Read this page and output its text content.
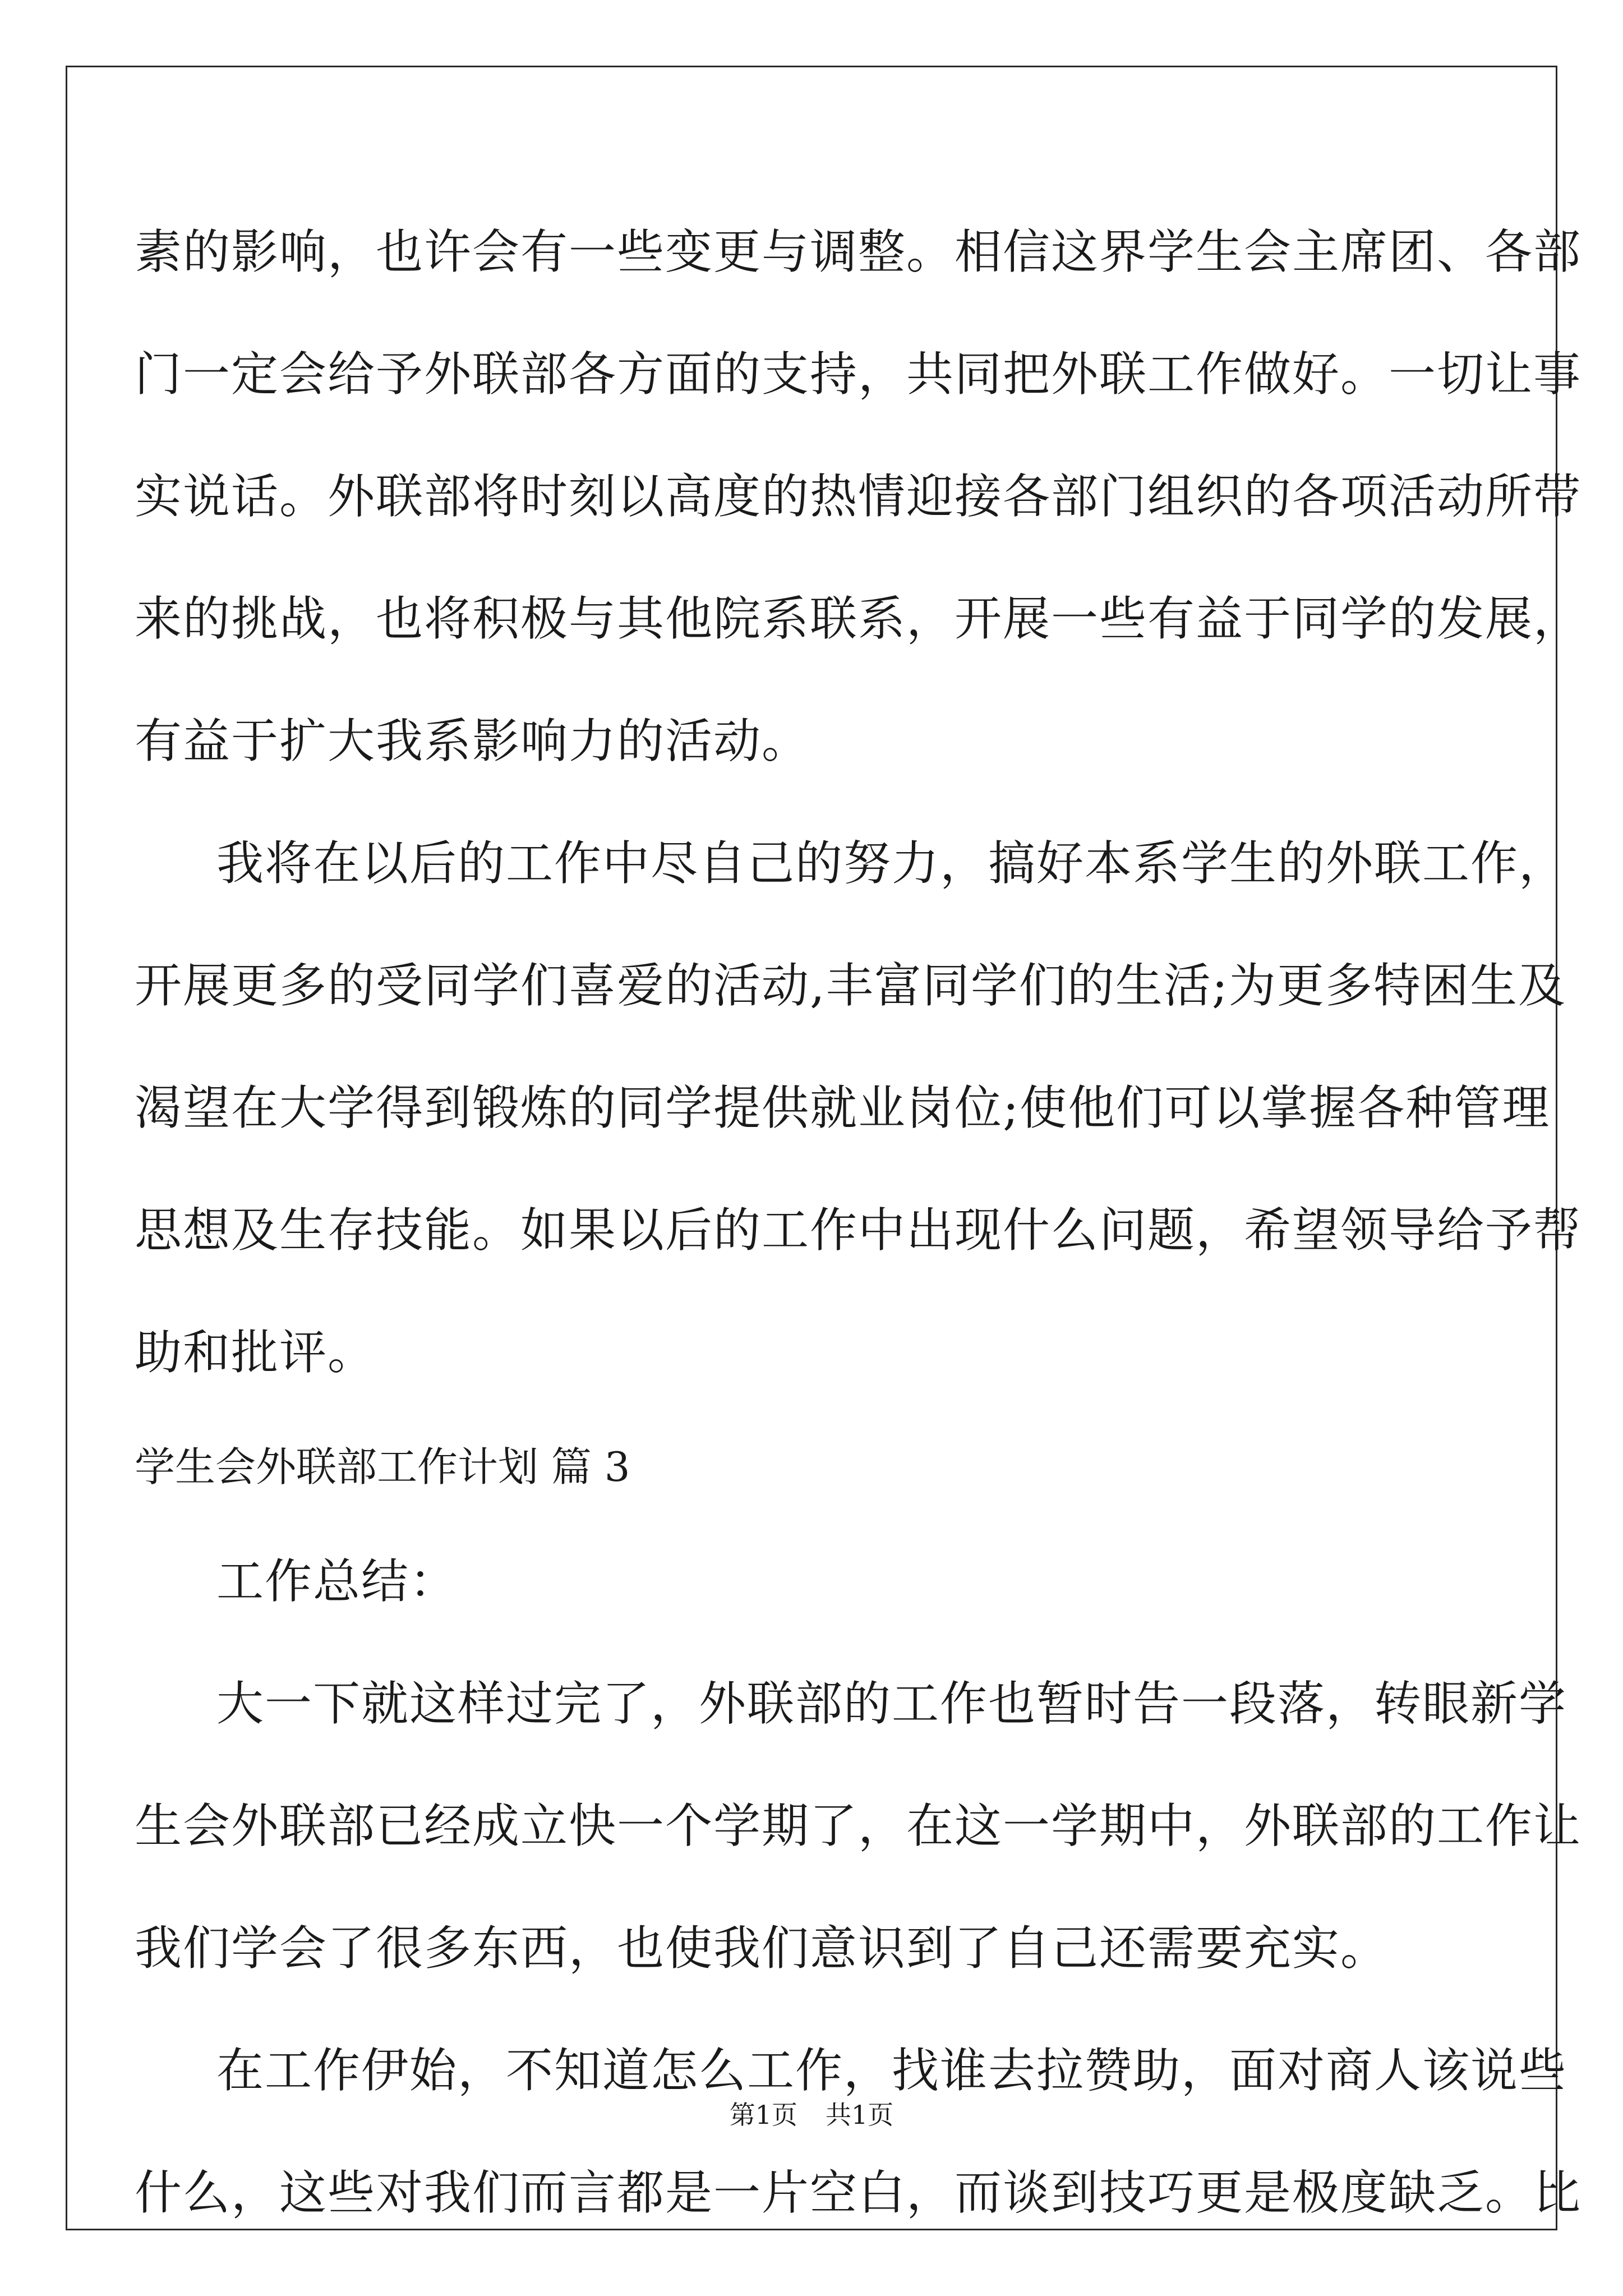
素的影响，也许会有一些变更与调整。相信这界学生会主席团、各部
门一定会给予外联部各方面的支持，共同把外联工作做好。一切让事
实说话。外联部将时刻以高度的热情迎接各部门组织的各项活动所带
来的挑战，也将积极与其他院系联系，开展一些有益于同学的发展，
有益于扩大我系影响力的活动。
我将在以后的工作中尽自己的努力，搞好本系学生的外联工作，
开展更多的受同学们喜爱的活动,丰富同学们的生活;为更多特困生及
渴望在大学得到锻炼的同学提供就业岗位;使他们可以掌握各种管理
思想及生存技能。如果以后的工作中出现什么问题，希望领导给予帮
助和批评。
学生会外联部工作计划 篇 3
工作总结：
大一下就这样过完了，外联部的工作也暂时告一段落，转眼新学
生会外联部已经成立快一个学期了，在这一学期中，外联部的工作让
我们学会了很多东西，也使我们意识到了自己还需要充实。
在工作伊始，不知道怎么工作，找谁去拉赞助，面对商人该说些
什么，这些对我们而言都是一片空白，而谈到技巧更是极度缺乏。比
第1页 共1页
